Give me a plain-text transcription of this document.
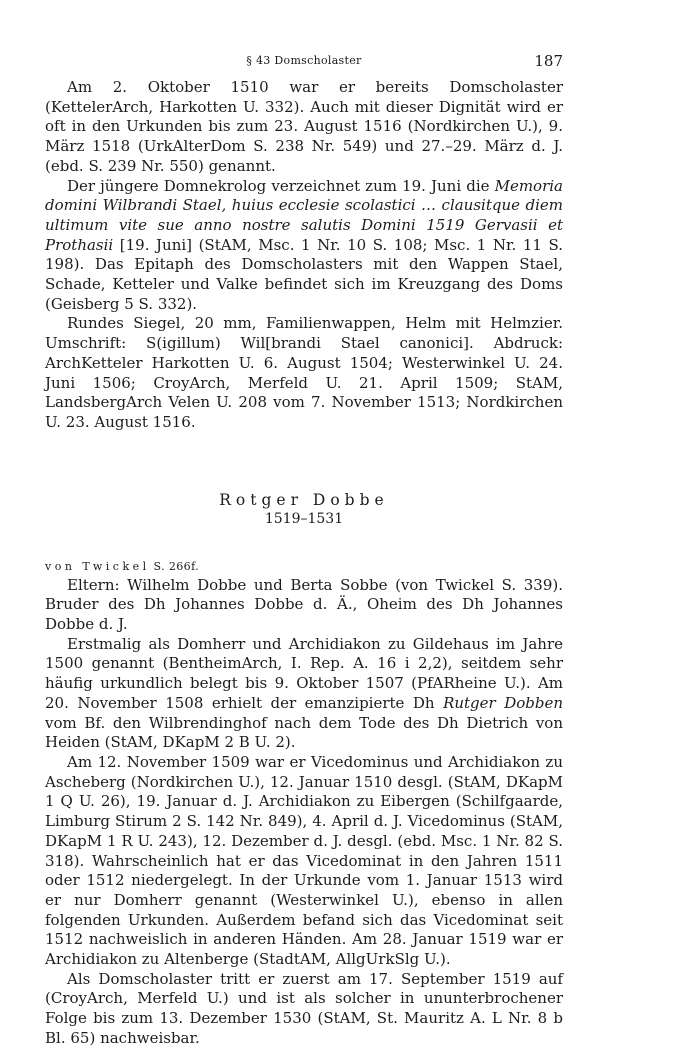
§ 43 Domscholaster	187

Am 2. Oktober 1510 war er bereits Domscholaster (KettelerArch, Harkotten U. 332). Auch mit dieser Dignität wird er oft in den Urkunden bis zum 23. August 1516 (Nordkirchen U.), 9. März 1518 (UrkAlterDom S. 238 Nr. 549) und 27.–29. März d. J. (ebd. S. 239 Nr. 550) genannt.

Der jüngere Domnekrolog verzeichnet zum 19. Juni die Memoria domini Wilbrandi Stael, huius ecclesie scolastici … clausitque diem ultimum vite sue anno nostre salutis Domini 1519 Gervasii et Prothasii [19. Juni] (StAM, Msc. 1 Nr. 10 S. 108; Msc. 1 Nr. 11 S. 198). Das Epitaph des Domscholasters mit den Wappen Stael, Schade, Ketteler und Valke befindet sich im Kreuzgang des Doms (Geisberg 5 S. 332).

Rundes Siegel, 20 mm, Familienwappen, Helm mit Helmzier. Umschrift: S(igillum) Wil[brandi Stael canonici]. Abdruck: ArchKetteler Harkotten U. 6. August 1504; Westerwinkel U. 24. Juni 1506; CroyArch, Merfeld U. 21. April 1509; StAM, LandsbergArch Velen U. 208 vom 7. November 1513; Nordkirchen U. 23. August 1516.

Rotger Dobbe
1519–1531
von Twickel S. 266f.

Eltern: Wilhelm Dobbe und Berta Sobbe (von Twickel S. 339). Bruder des Dh Johannes Dobbe d. Ä., Oheim des Dh Johannes Dobbe d. J.

Erstmalig als Domherr und Archidiakon zu Gildehaus im Jahre 1500 genannt (BentheimArch, I. Rep. A. 16 i 2,2), seitdem sehr häufig urkundlich belegt bis 9. Oktober 1507 (PfARheine U.). Am 20. November 1508 erhielt der emanzipierte Dh Rutger Dobben vom Bf. den Wilbrendinghof nach dem Tode des Dh Dietrich von Heiden (StAM, DKapM 2 B U. 2).

Am 12. November 1509 war er Vicedominus und Archidiakon zu Ascheberg (Nordkirchen U.), 12. Januar 1510 desgl. (StAM, DKapM 1 Q U. 26), 19. Januar d. J. Archidiakon zu Eibergen (Schilfgaarde, Limburg Stirum 2 S. 142 Nr. 849), 4. April d. J. Vicedominus (StAM, DKapM 1 R U. 243), 12. Dezember d. J. desgl. (ebd. Msc. 1 Nr. 82 S. 318). Wahrscheinlich hat er das Vicedominat in den Jahren 1511 oder 1512 niedergelegt. In der Urkunde vom 1. Januar 1513 wird er nur Domherr genannt (Westerwinkel U.), ebenso in allen folgenden Urkunden. Außerdem befand sich das Vicedominat seit 1512 nachweislich in anderen Händen. Am 28. Januar 1519 war er Archidiakon zu Altenberge (StadtAM, AllgUrkSlg U.).

Als Domscholaster tritt er zuerst am 17. September 1519 auf (CroyArch, Merfeld U.) und ist als solcher in ununterbrochener Folge bis zum 13. Dezember 1530 (StAM, St. Mauritz A. L Nr. 8 b Bl. 65) nachweisbar.
